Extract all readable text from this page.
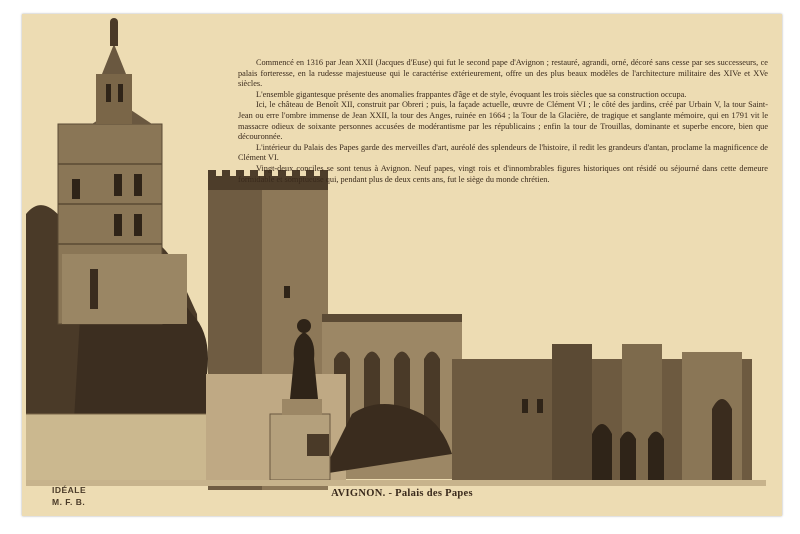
Commencé en 1316 par Jean XXII (Jacques d'Euse) qui fut le second pape d'Avignon ; restauré, agrandi, orné, décoré sans cesse par ses successeurs, ce palais forteresse, en la rudesse majestueuse qui le caractérise extérieurement, offre un des plus beaux modèles de l'architecture militaire des XIVe et XVe siècles.

L'ensemble gigantesque présente des anomalies frappantes d'âge et de style, évoquant les trois siècles que sa construction occupa.

Ici, le château de Benoît XII, construit par Obreri ; puis, la façade actuelle, œuvre de Clément VI ; le côté des jardins, créé par Urbain V, la tour Saint-Jean ou erre l'ombre immense de Jean XXII, la tour des Anges, ruinée en 1664 ; la Tour de la Glacière, de tragique et sanglante mémoire, qui en 1791 vit le massacre odieux de soixante personnes accusées de modérantisme par les républicains ; enfin la tour de Trouillas, dominante et superbe encore, bien que découronnée.

L'intérieur du Palais des Papes garde des merveilles d'art, auréolé des splendeurs de l'histoire, il redit les grandeurs d'antan, proclame la magnificence de Clément VI.

Vingt-deux conciles se sont tenus à Avignon. Neuf papes, vingt rois et d'innombrables figures historiques ont résidé ou séjourné dans cette demeure formidable et somptueuse qui, pendant plus de deux cents ans, fut le siège du monde chrétien.

AVIGNON. - Palais des Papes
IDÉALE
M. F. B.
